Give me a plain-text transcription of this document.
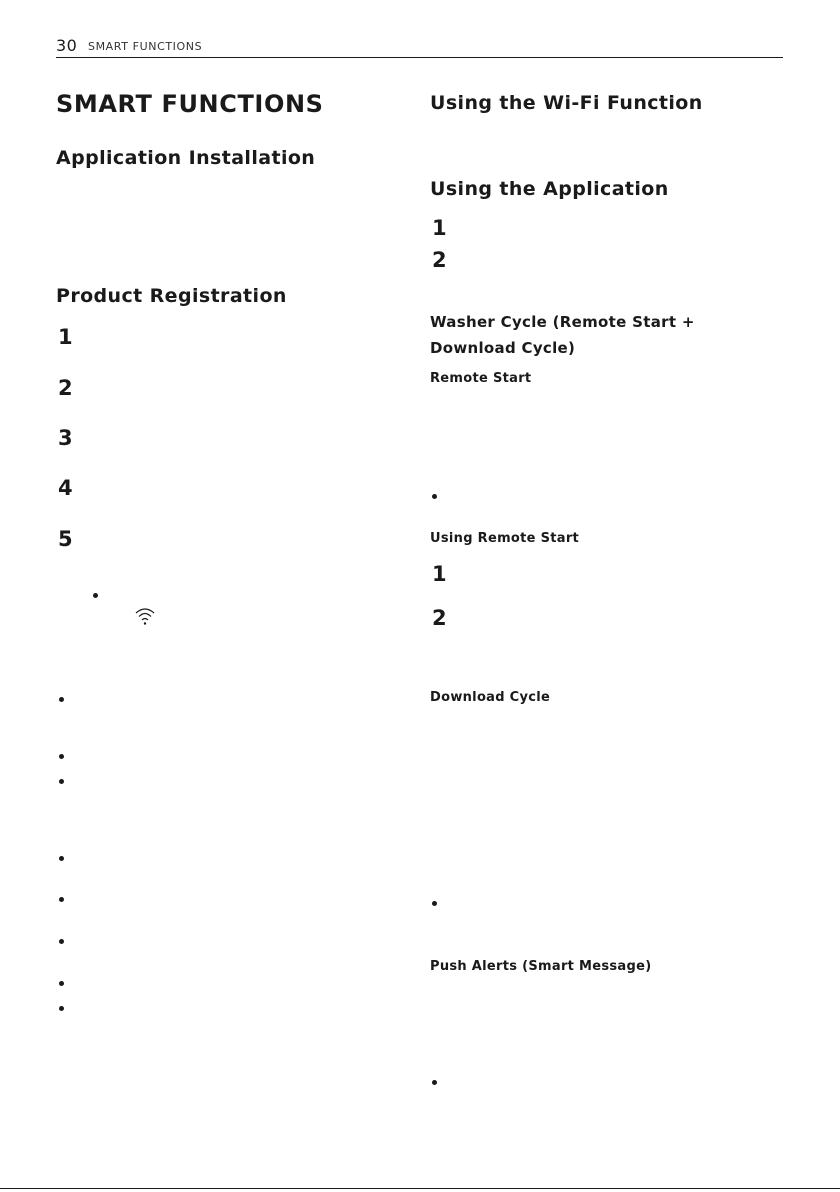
30 SMART FUNCTIONS
SMART FUNCTIONS
Application Installation
Product Registration
1
2
3
4
5
Using the Wi-Fi Function
Using the Application
1
2
Washer Cycle (Remote Start +
Download Cycle)
Remote Start
Using Remote Start
1
2
Download Cycle
Push Alerts (Smart Message)
